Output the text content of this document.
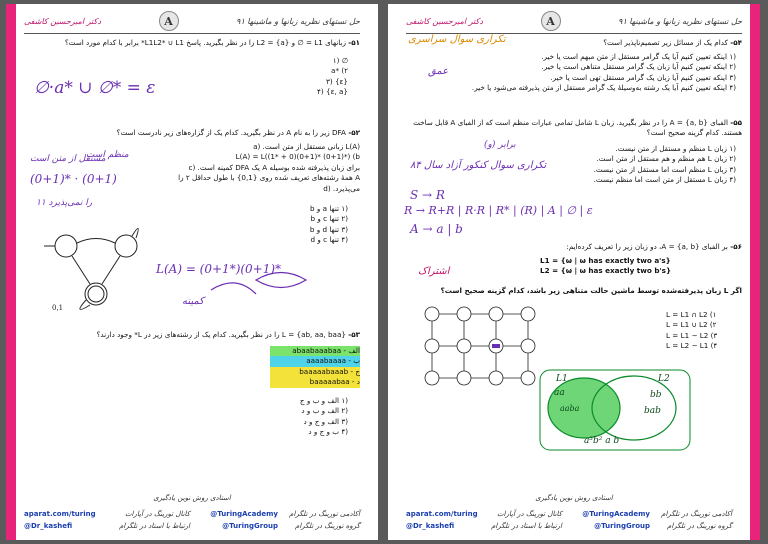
حل تستهای نظریه زبانها و ماشینها ۹۱
A
دکتر امیرحسین کاشفی
۵۱- زبانهای L1 = ∅ و L2 = {a} را در نظر بگیرید. پاسخ L1L2* ∪ L1* برابر با کدام مورد است؟
∅ (۱
a* (۲
{ε} (۳
{ε, a} (۴
∅·a* ∪ ∅* = ε
۵۲- DFA زیر را به نام A در نظر بگیرید. کدام یک از گزاره‌های زیر نادرست است؟
L(A) زبانی مستقل از متن است. (a
L(A) = L((1* + 0)(0+1)* (0+1)*) (b
برای زبان پذیرفته شده بوسیله A یک DFA کمینه است. (c
A همهٔ رشته‌های تعریف شده روی {0,1} با طول حداقل ۲ را می‌پذیرد. (d
(۱ تنها a و b
(۲ تنها c و b
(۳ تنها d و b
(۴ تنها c و d
منظم است
مستقل از متن است
(0+1)* · (0+1)
۱۱ را نمی‌پذیرد
L(A) = (0+1*)(0+1)*
کمینه
0,1
۵۳- L = {ab, aa, baa} را در نظر بگیرید. کدام یک از رشته‌های زیر در L* وجود دارند؟
الف - abaabaaabaa
ب - aaaabaaaa
ج - baaaaabaaab
د - baaaaabaa
(۱ الف و ب و ج
(۲ الف و ب و د
(۳ الف و ج و د
(۴ ب و ج و د
استادی روش نوین یادگیری
آکادمی تورینگ در تلگرام
@TuringAcademy
کانال تورینگ در آپارات
aparat.com/turing
گروه تورینگ در تلگرام
@TuringGroup
ارتباط با استاد در تلگرام
@Dr_kashefi
حل تستهای نظریه زبانها و ماشینها ۹۱
A
دکتر امیرحسین کاشفی
۵۴- کدام یک از مسائل زیر تصمیم‌ناپذیر است؟
(۱ اینکه تعیین کنیم آیا یک گرامر مستقل از متن مبهم است یا خیر.
(۲ اینکه تعیین کنیم آیا زبان یک گرامر مستقل متناهی است یا خیر.
(۳ اینکه تعیین کنیم آیا زبان یک گرامر مستقل تهی است یا خیر.
(۴ اینکه تعیین کنیم آیا یک رشته به‌وسیلهٔ یک گرامر مستقل از متن پذیرفته می‌شود یا خیر.
تکراری سوال سراسری
عمق
۵۵- الفبای A = {a, b} را در نظر بگیرید. زبان L شامل تمامی عبارات منظم است که از الفبای A قابل ساخت هستند. کدام گزینه صحیح است؟
(۱ زبان L منظم و مستقل از متن نیست.
(۲ زبان L هم منظم و هم مستقل از متن است.
(۳ زبان L منظم است اما مستقل از متن نیست.
(۴ زبان L مستقل از متن است اما منظم نیست.
برابر (و)
تکراری سوال کنکور آزاد سال ۸۴
S → R
R → R+R | R·R | R* | (R) | A | ∅ | ε
A → a | b
۵۶- بر الفبای A = {a, b}، دو زبان زیر را تعریف کرده‌ایم:
L1 = {ω | ω has exactly two a's}
L2 = {ω | ω has exactly two b's}
اگر L زبان پذیرفته‌شده توسط ماشین حالت متناهی زیر باشد، کدام گزینه صحیح است؟
L = L1 ∩ L2 (۱
L = L1 ∪ L2 (۲
L = L1 − L2 (۳
L = L2 − L1 (۴
اشتراک
L1	L2
aa
aaba
bb
bab
a³b² a b
استادی روش نوین یادگیری
آکادمی تورینگ در تلگرام
@TuringAcademy
کانال تورینگ در آپارات
aparat.com/turing
گروه تورینگ در تلگرام
@TuringGroup
ارتباط با استاد در تلگرام
@Dr_kashefi
